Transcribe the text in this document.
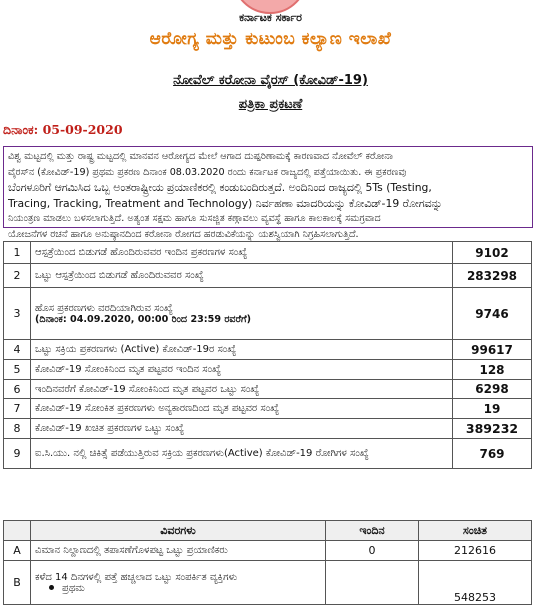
ಕರ್ನಾಟಕ ಸರ್ಕಾರ
ಆರೋಗ್ಯ ಮತ್ತು ಕುಟುಂಬ ಕಲ್ಯಾಣ ಇಲಾಖೆ
ನೋವೆಲ್ ಕರೋನಾ ವೈರಸ್ (ಕೋವಿಡ್-19)
ಪತ್ರಿಕಾ ಪ್ರಕಟಣೆ
ದಿನಾಂಕ: 05-09-2020
ವಿಶ್ವ ಮಟ್ಟದಲ್ಲಿ ಮತ್ತು ರಾಷ್ಟ್ರ ಮಟ್ಟದಲ್ಲಿ ಮಾನವನ ಆರೋಗ್ಯದ ಮೇಲೆ ಆಗಾದ ದುಷ್ಪರಿಣಾಮಕ್ಕೆ ಕಾರಣವಾದ ನೋವೆಲ್ ಕರೋನಾ
ವೈರಸ್‌ನ (ಕೋವಿಡ್-19) ಪ್ರಥಮ ಪ್ರಕರಣ ದಿನಾಂಕ 08.03.2020 ರಂದು ಕರ್ನಾಟಕ ರಾಜ್ಯದಲ್ಲಿ ಪತ್ತೆಯಾಯಿತು. ಈ ಪ್ರಕರಣವು
ಬೆಂಗಳೂರಿಗೆ ಆಗಮಿಸಿದ ಒಬ್ಬ ಅಂತರಾಷ್ಟ್ರೀಯ ಪ್ರಯಾಣಿಕರಲ್ಲಿ ಕಂಡುಬಂದಿರುತ್ತದೆ. ಅಂದಿನಿಂದ ರಾಜ್ಯದಲ್ಲಿ 5Ts (Testing,
Tracing, Tracking, Treatment and Technology) ನಿರ್ವಹಣಾ ಮಾದರಿಯನ್ನು ಕೋವಿಡ್-19 ರೋಗವನ್ನು
ನಿಯಂತ್ರಣ ಮಾಡಲು ಬಳಸಲಾಗುತ್ತಿದೆ. ಅತ್ಯಂತ ಸಕ್ಷಮ ಹಾಗೂ ಸುಸಜ್ಜಿತ ಕಣ್ಗಾವಲು ವ್ಯವಸ್ಥೆ ಹಾಗೂ ಕಾಲಕಾಲಕ್ಕೆ ಸಮಗ್ರವಾದ
ಯೋಜನೆಗಳ ರಚನೆ ಹಾಗೂ ಅನುಷ್ಠಾನದಿಂದ ಕರೋನಾ ರೋಗದ ಹರಡುವಿಕೆಯನ್ನು ಯಶಸ್ವಿಯಾಗಿ ನಿಗ್ರಹಿಸಲಾಗುತ್ತಿದೆ.
1	ಆಸ್ಪತ್ರೆಯಿಂದ ಬಿಡುಗಡೆ ಹೊಂದಿರುವವರ ಇಂದಿನ ಪ್ರಕರಣಗಳ ಸಂಖ್ಯೆ	9102
2	ಒಟ್ಟು ಆಸ್ಪತ್ರೆಯಿಂದ ಬಿಡುಗಡೆ ಹೊಂದಿರುವವರ ಸಂಖ್ಯೆ	283298
3	ಹೊಸ ಪ್ರಕರಣಗಳು ವರದಿಯಾಗಿರುವ ಸಂಖ್ಯೆ
(ದಿನಾಂಕ: 04.09.2020, 00:00 ರಿಂದ 23:59 ರವರೆಗೆ)	9746
4	ಒಟ್ಟು ಸಕ್ರಿಯ ಪ್ರಕರಣಗಳು (Active) ಕೋವಿಡ್-19ರ ಸಂಖ್ಯೆ	99617
5	ಕೋವಿಡ್-19 ಸೋಂಕಿನಿಂದ ಮೃತ ಪಟ್ಟವರ ಇಂದಿನ ಸಂಖ್ಯೆ	128
6	ಇಂದಿನವರೆಗೆ ಕೋವಿಡ್-19 ಸೋಂಕಿನಿಂದ ಮೃತ ಪಟ್ಟವರ ಒಟ್ಟು ಸಂಖ್ಯೆ	6298
7	ಕೋವಿಡ್-19 ಸೋಂಕಿತ ಪ್ರಕರಣಗಳು ಅನ್ಯಕಾರಣದಿಂದ ಮೃತ ಪಟ್ಟವರ ಸಂಖ್ಯೆ	19
8	ಕೋವಿಡ್-19 ಖಚಿತ ಪ್ರಕರಣಗಳ ಒಟ್ಟು ಸಂಖ್ಯೆ	389232
9	ಐ.ಸಿ.ಯು. ನಲ್ಲಿ ಚಿಕಿತ್ಸೆ ಪಡೆಯುತ್ತಿರುವ ಸಕ್ರಿಯ ಪ್ರಕರಣಗಳು(Active) ಕೋವಿಡ್-19 ರೋಗಿಗಳ ಸಂಖ್ಯೆ	769
	ವಿವರಗಳು	ಇಂದಿನ	ಸಂಚಿತ
A	ವಿಮಾನ ನಿಲ್ದಾಣದಲ್ಲಿ ತಪಾಸಣೆಗೊಳಪಟ್ಟ ಒಟ್ಟು ಪ್ರಯಾಣಿಕರು	0	212616
B	ಕಳೆದ 14 ದಿನಗಳಲ್ಲಿ ಪತ್ತೆ ಹಚ್ಚಲಾದ ಒಟ್ಟು ಸಂಪರ್ಕಿತ ವ್ಯಕ್ತಿಗಳು
ಪ್ರಥಮ		548253
